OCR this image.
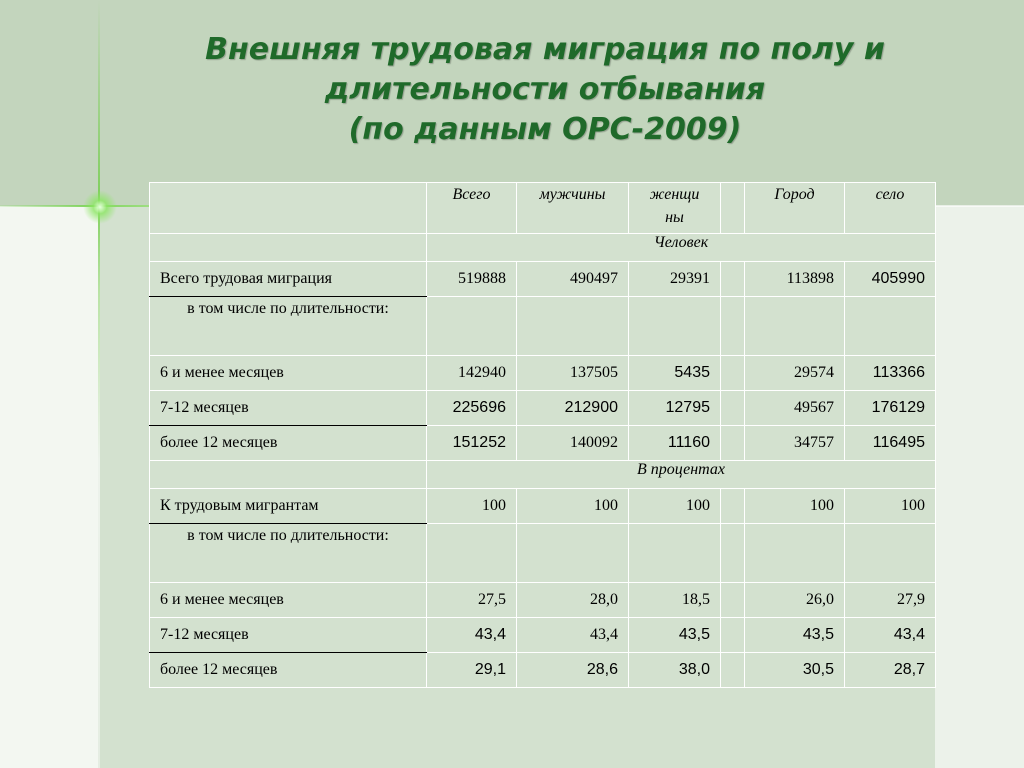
Внешняя трудовая миграция по полу и
длительности отбывания
(по данным ОРС-2009)
	Всего	мужчины	женщи ны		Город	село
	Человек					
Всего трудовая миграция	519888	490497	29391		113898	405990
в том числе по длительности:						
6 и менее месяцев	142940	137505	5435		29574	113366
7-12 месяцев	225696	212900	12795		49567	176129
более 12 месяцев	151252	140092	11160		34757	116495
	В процентах					
К трудовым мигрантам	100	100	100		100	100
в том числе по длительности:						
6 и менее месяцев	27,5	28,0	18,5		26,0	27,9
7-12 месяцев	43,4	43,4	43,5		43,5	43,4
более 12 месяцев	29,1	28,6	38,0		30,5	28,7
